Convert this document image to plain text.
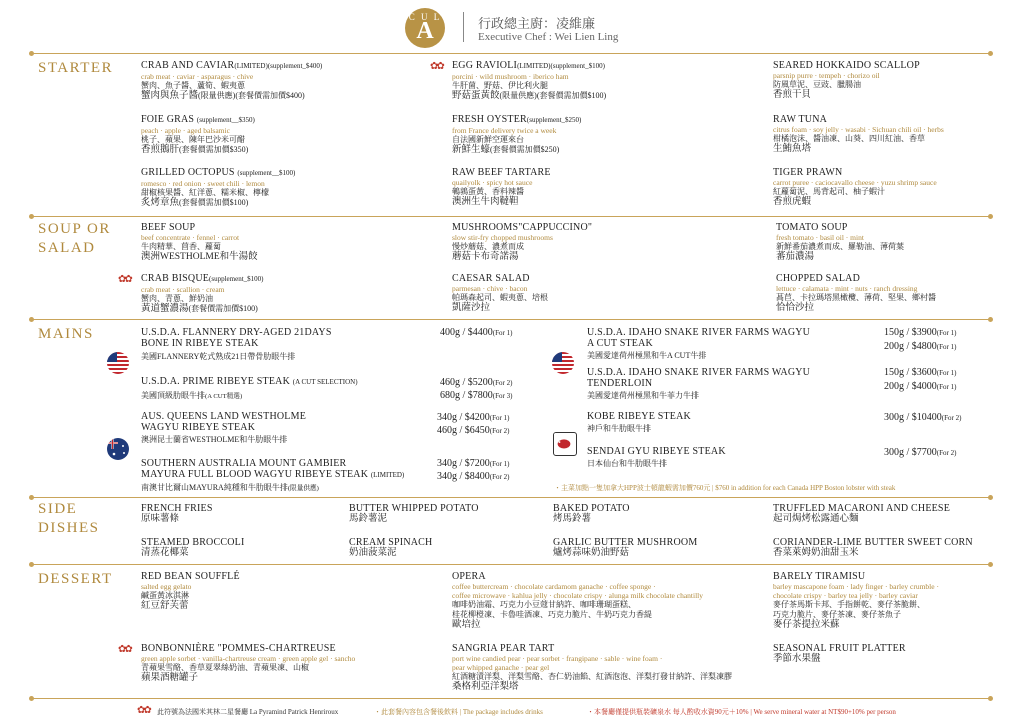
C U L
A	行政總主廚：凌維廉
Executive Chef : Wei Lien Ling
STARTER
SOUP OR
SALAD
MAINS
SIDE
DISHES
DESSERT
CRAB AND CAVIAR(LIMITED)(supplement_$400)
crab meat · caviar · asparagus · chive
蟹肉、魚子醬、蘆筍、蝦夷蔥
蟹肉與魚子醬(限量供應)(套餐價需加價$400)
✿✿ EGG RAVIOLI(LIMITED)(supplement_$100)
porcini · wild mushroom · iberico ham
牛肝菌、野菇、伊比利火腿
野菇蛋黃餃(限量供應)(套餐價需加價$100)
SEARED HOKKAIDO SCALLOP
parsnip purre · tempeh · chorizo oil
防風草泥、豆豉、臘腸油
香煎干貝
FOIE GRAS (supplement__$350)
peach · apple · aged balsamic
桃子、蘋果、陳年巴沙米可醋
香煎鵝肝(套餐價需加價$350)
FRESH OYSTER(supplement_$250)
from France delivery twice a week
自法國新鮮空運來台
新鮮生蠔(套餐價需加價$250)
RAW TUNA
citrus foam · soy jelly · wasabi · Sichuan chili oil · herbs
柑橘泡沫、醬油凍、山葵、四川紅油、香草
生鮪魚塔
GRILLED OCTOPUS (supplement__$100)
romesco · red onion · sweet chili · lemon
甜椒核果醬、紅洋蔥、糯米椒、檸檬
炙烤章魚(套餐價需加價$100)
RAW BEEF TARTARE
quailyolk · spicy hot sauce
鵪鶉蛋黃、香料辣醬
澳洲生牛肉韃靼
TIGER PRAWN
carrot puree · caciocavallo cheese · yuzu shrimp sauce
紅蘿蔔泥、馬背起司、柚子蝦汁
香煎虎蝦
BEEF SOUP
beef concentrate · fennel · carrot
牛肉精華、茴香、蘿蔔
澳洲WESTHOLME和牛湯餃
MUSHROOMS"CAPPUCCINO"
slow stir-fry chopped mushrooms
慢炒蘑菇、濃煮而成
蘑菇卡布奇諾湯
TOMATO SOUP
fresh tomato · basil oil · mint
新鮮番茄濃煮而成、羅勒油、薄荷葉
蕃茄濃湯
✿✿ CRAB BISQUE(supplement_$100)
crab meat · scallion · cream
蟹肉、青蔥、鮮奶油
黃道蟹濃湯(套餐價需加價$100)
CAESAR SALAD
parmesan · chive · bacon
帕瑪森起司、蝦夷蔥、培根
凱薩沙拉
CHOPPED SALAD
lettuce · calamata · mint · nuts · ranch dressing
萵苣、卡拉瑪塔黑橄欖、薄荷、堅果、鄉村醬
恰恰沙拉
U.S.D.A. FLANNERY DRY-AGED 21DAYS
BONE IN RIBEYE STEAK
美國FLANNERY乾式熟成21日帶骨肋眼牛排
400g / $4400(For 1)
U.S.D.A. PRIME RIBEYE STEAK (A CUT SELECTION)
美國頂級肋眼牛排(A CUT精選)
460g / $5200(For 2)
680g / $7800(For 3)
AUS. QUEENS LAND WESTHOLME
WAGYU RIBEYE STEAK
澳洲昆士蘭省WESTHOLME和牛肋眼牛排
340g / $4200(For 1)
460g / $6450(For 2)
SOUTHERN AUSTRALIA MOUNT GAMBIER
MAYURA FULL BLOOD WAGYU RIBEYE STEAK (LIMITED)
南澳甘比爾山MAYURA純種和牛肋眼牛排(限量供應)
340g / $7200(For 1)
340g / $8400(For 2)
U.S.D.A. IDAHO SNAKE RIVER FARMS WAGYU
A CUT STEAK
美國愛達荷州極黑和牛A CUT牛排
150g / $3900(For 1)
200g / $4800(For 1)
U.S.D.A. IDAHO SNAKE RIVER FARMS WAGYU
TENDERLOIN
美國愛達荷州極黑和牛菲力牛排
150g / $3600(For 1)
200g / $4000(For 1)
KOBE RIBEYE STEAK
神戶和牛肋眼牛排
300g / $10400(For 2)
SENDAI GYU RIBEYE STEAK
日本仙台和牛肋眼牛排
300g / $7700(For 2)
・主菜加點一隻加拿大HPP波士頓龍蝦需加價760元 | $760 in addition for each Canada HPP Boston lobster with steak
FRENCH FRIES
原味薯條
BUTTER WHIPPED POTATO
馬鈴薯泥
BAKED POTATO
烤馬鈴薯
TRUFFLED MACARONI AND CHEESE
起司焗烤松露通心麵
STEAMED BROCCOLI
清蒸花椰菜
CREAM SPINACH
奶油菠菜泥
GARLIC BUTTER MUSHROOM
爐烤蒜味奶油野菇
CORIANDER-LIME BUTTER SWEET CORN
香菜萊姆奶油甜玉米
RED BEAN SOUFFLÉ
salted egg gelato
鹹蛋黃冰淇淋
紅豆舒芙蕾
OPERA
coffee buttercream · chocolate cardamom ganache · coffee sponge ·
coffee microwave · kahlua jelly · chocolate crispy · alunga milk chocolate chantilly
咖啡奶油霜、巧克力小豆蔻甘納許、咖啡珊瑚蛋糕、
桂花柳橙凍、卡魯哇酒凍、巧克力脆片、牛奶巧克力香緹
歐培拉
BARELY TIRAMISU
barley mascapone foam · lady finger · barley crumble ·
chocolate crispy · barley tea jelly · barley caviar
麥仔茶馬斯卡邦、手指餅乾、麥仔茶脆餅、
巧克力脆片、麥仔茶凍、麥仔茶魚子
麥仔茶提拉米蘇
✿✿ BONBONNIÈRE "POMMES-CHARTREUSE
green apple sorbet · vanilla-chartreuse cream · green apple gel · sancho
青蘋果雪酪、香草夏翠絲奶油、青蘋果凍、山椒
蘋果酒糖罐子
SANGRIA PEAR TART
port wine candied pear · pear sorbet · frangipane · sable · wine foam ·
pear whipped ganache · pear gel
紅酒糖漬洋梨、洋梨雪酪、杏仁奶油餡、紅酒泡泡、洋梨打發甘納許、洋梨凍膠
桑格利亞洋梨塔
SEASONAL FRUIT PLATTER
季節水果盤
✿✿ 此符號為法國米其林二星餐廳 La Pyramind Patrick Henriroux	・此套餐內容包含餐後飲料 | The package includes drinks	・本餐廳僅提供瓶裝礦泉水 每人酌收水資90元＋10% | We serve mineral water at NT$90+10% per person
